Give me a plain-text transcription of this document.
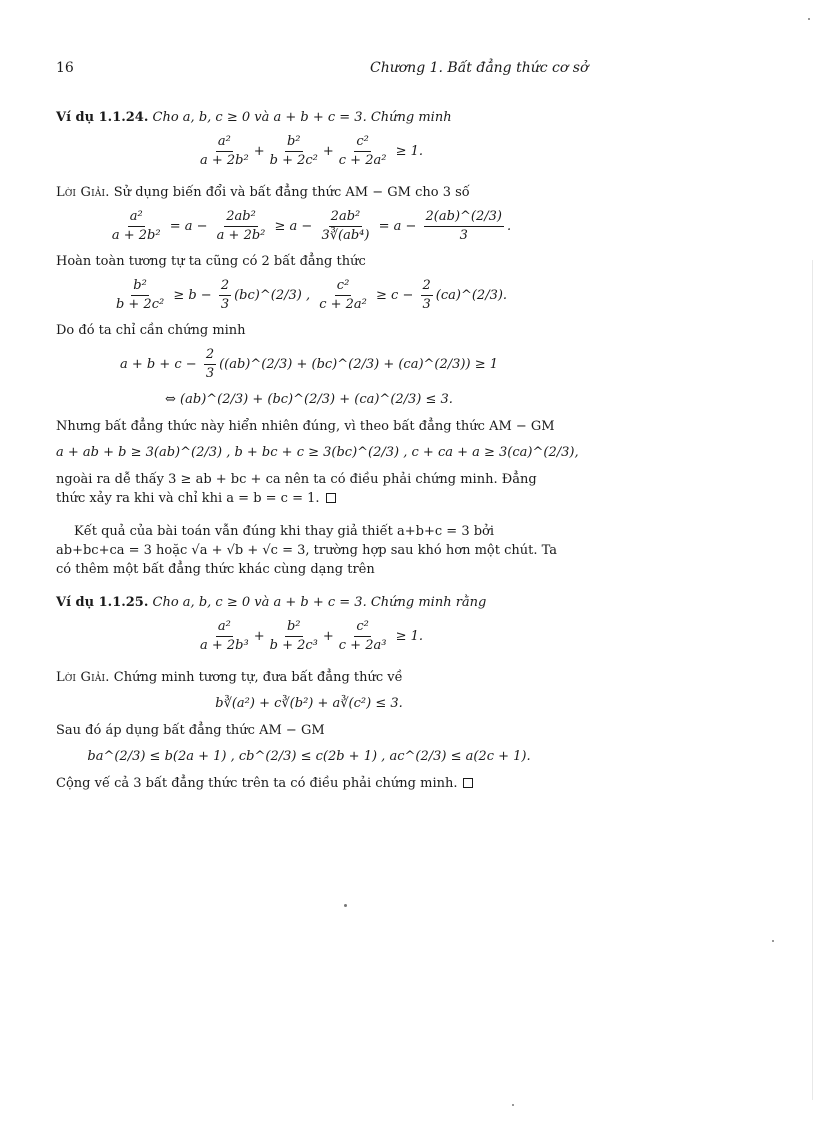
16	Chương 1. Bất đẳng thức cơ sở

Ví dụ 1.1.24. Cho a, b, c ≥ 0 và a + b + c = 3. Chứng minh

$\frac{\text{a²}}{\text{a + 2b²}} + \frac{\text{b²}}{\text{b + 2c²}} + \frac{\text{c²}}{\text{c + 2a²}} \ge 1$.

Lời Giải. Sử dụng biến đổi và bất đẳng thức AM − GM cho 3 số

$\frac{\text{a²}}{\text{a + 2b²}} = a - \frac{\text{2ab²}}{\text{a + 2b²}} \ge a - \frac{\text{2ab²}}{\text{3∛(ab⁴)}} = a - \frac{2(ab)\^{}(2/3)}{3}$ .

Hoàn toàn tương tự ta cũng có 2 bất đẳng thức

$\frac{\text{b²}}{\text{b + 2c²}} \ge b - \frac{2}{3}$ (bc)^(2/3) , $\frac{\text{c²}}{\text{c + 2a²}} \ge c - \frac{2}{3}$ (ca)^(2/3).

Do đó ta chỉ cần chứng minh

$a + b + c - \frac{2}{3}$ ((ab)^(2/3) + (bc)^(2/3) + (ca)^(2/3)) ≥ 1
⇔ (ab)^(2/3) + (bc)^(2/3) + (ca)^(2/3) ≤ 3.

Nhưng bất đẳng thức này hiển nhiên đúng, vì theo bất đẳng thức AM − GM

a + ab + b ≥ 3(ab)^(2/3) , b + bc + c ≥ 3(bc)^(2/3) , c + ca + a ≥ 3(ca)^(2/3),

ngoài ra dễ thấy 3 ≥ ab + bc + ca nên ta có điều phải chứng minh. Đẳng thức xảy ra khi và chỉ khi a = b = c = 1.

Kết quả của bài toán vẫn đúng khi thay giả thiết a+b+c = 3 bởi ab+bc+ca = 3 hoặc √a + √b + √c = 3, trường hợp sau khó hơn một chút. Ta có thêm một bất đẳng thức khác cùng dạng trên

Ví dụ 1.1.25. Cho a, b, c ≥ 0 và a + b + c = 3. Chứng minh rằng

$\frac{\text{a²}}{\text{a + 2b³}} + \frac{\text{b²}}{\text{b + 2c³}} + \frac{\text{c²}}{\text{c + 2a³}} \ge 1$.

Lời Giải. Chứng minh tương tự, đưa bất đẳng thức về

b∛(a²) + c∛(b²) + a∛(c²) ≤ 3.

Sau đó áp dụng bất đẳng thức AM − GM

ba^(2/3) ≤ b(2a + 1) , cb^(2/3) ≤ c(2b + 1) , ac^(2/3) ≤ a(2c + 1).

Cộng vế cả 3 bất đẳng thức trên ta có điều phải chứng minh.
